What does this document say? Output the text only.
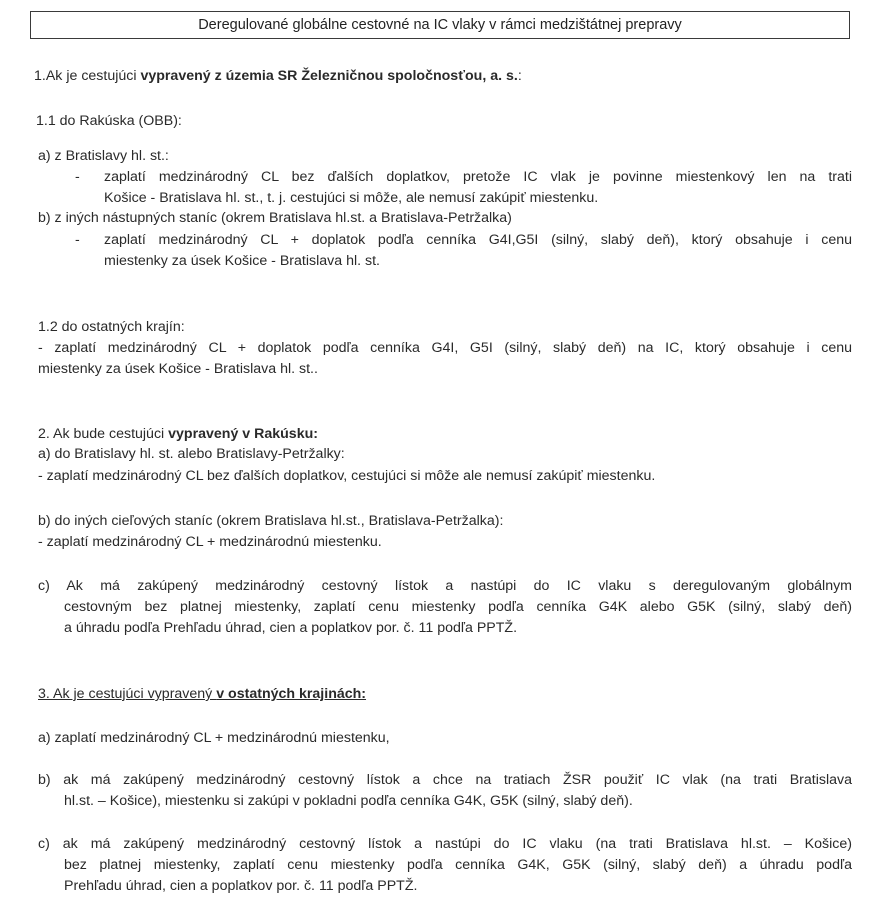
Deregulované globálne cestovné na IC vlaky v rámci medzištátnej prepravy
1.Ak je cestujúci vypravený z územia SR Železničnou spoločnosťou, a. s.:
1.1 do Rakúska (OBB):
a) z Bratislavy hl. st.:
- zaplatí medzinárodný CL bez ďalších doplatkov, pretože IC vlak je povinne miestenkový len na trati
Košice - Bratislava hl. st., t. j. cestujúci si môže, ale nemusí zakúpiť miestenku.
b) z iných nástupných staníc (okrem Bratislava hl.st. a Bratislava-Petržalka)
- zaplatí medzinárodný CL + doplatok podľa cenníka G4I,G5I (silný, slabý deň), ktorý obsahuje i cenu
miestenky za úsek Košice - Bratislava hl. st.
1.2 do ostatných krajín:
- zaplatí medzinárodný CL + doplatok podľa cenníka G4I, G5I (silný, slabý deň) na IC, ktorý obsahuje i cenu
miestenky za úsek Košice - Bratislava hl. st..
2. Ak bude cestujúci vypravený v Rakúsku:
a) do Bratislavy hl. st. alebo Bratislavy-Petržalky:
- zaplatí medzinárodný CL bez ďalších doplatkov, cestujúci si môže ale nemusí zakúpiť miestenku.
b) do iných cieľových staníc (okrem Bratislava hl.st., Bratislava-Petržalka):
- zaplatí medzinárodný CL + medzinárodnú miestenku.
c) Ak má zakúpený medzinárodný cestovný lístok a nastúpi do IC vlaku s deregulovaným globálnym
cestovným bez platnej miestenky, zaplatí cenu miestenky podľa cenníka G4K alebo G5K (silný, slabý deň)
a úhradu podľa Prehľadu úhrad, cien a poplatkov por. č. 11 podľa PPTŽ.
3. Ak je cestujúci vypravený v ostatných krajinách:
a) zaplatí medzinárodný CL + medzinárodnú miestenku,
b) ak má zakúpený medzinárodný cestovný lístok a chce na tratiach ŽSR použiť IC vlak (na trati Bratislava
hl.st. – Košice), miestenku si zakúpi v pokladni podľa cenníka G4K, G5K (silný, slabý deň).
c) ak má zakúpený medzinárodný cestovný lístok a nastúpi do IC vlaku (na trati Bratislava hl.st. – Košice)
bez platnej miestenky, zaplatí cenu miestenky podľa cenníka G4K, G5K (silný, slabý deň) a úhradu podľa
Prehľadu úhrad, cien a poplatkov por. č. 11 podľa PPTŽ.
